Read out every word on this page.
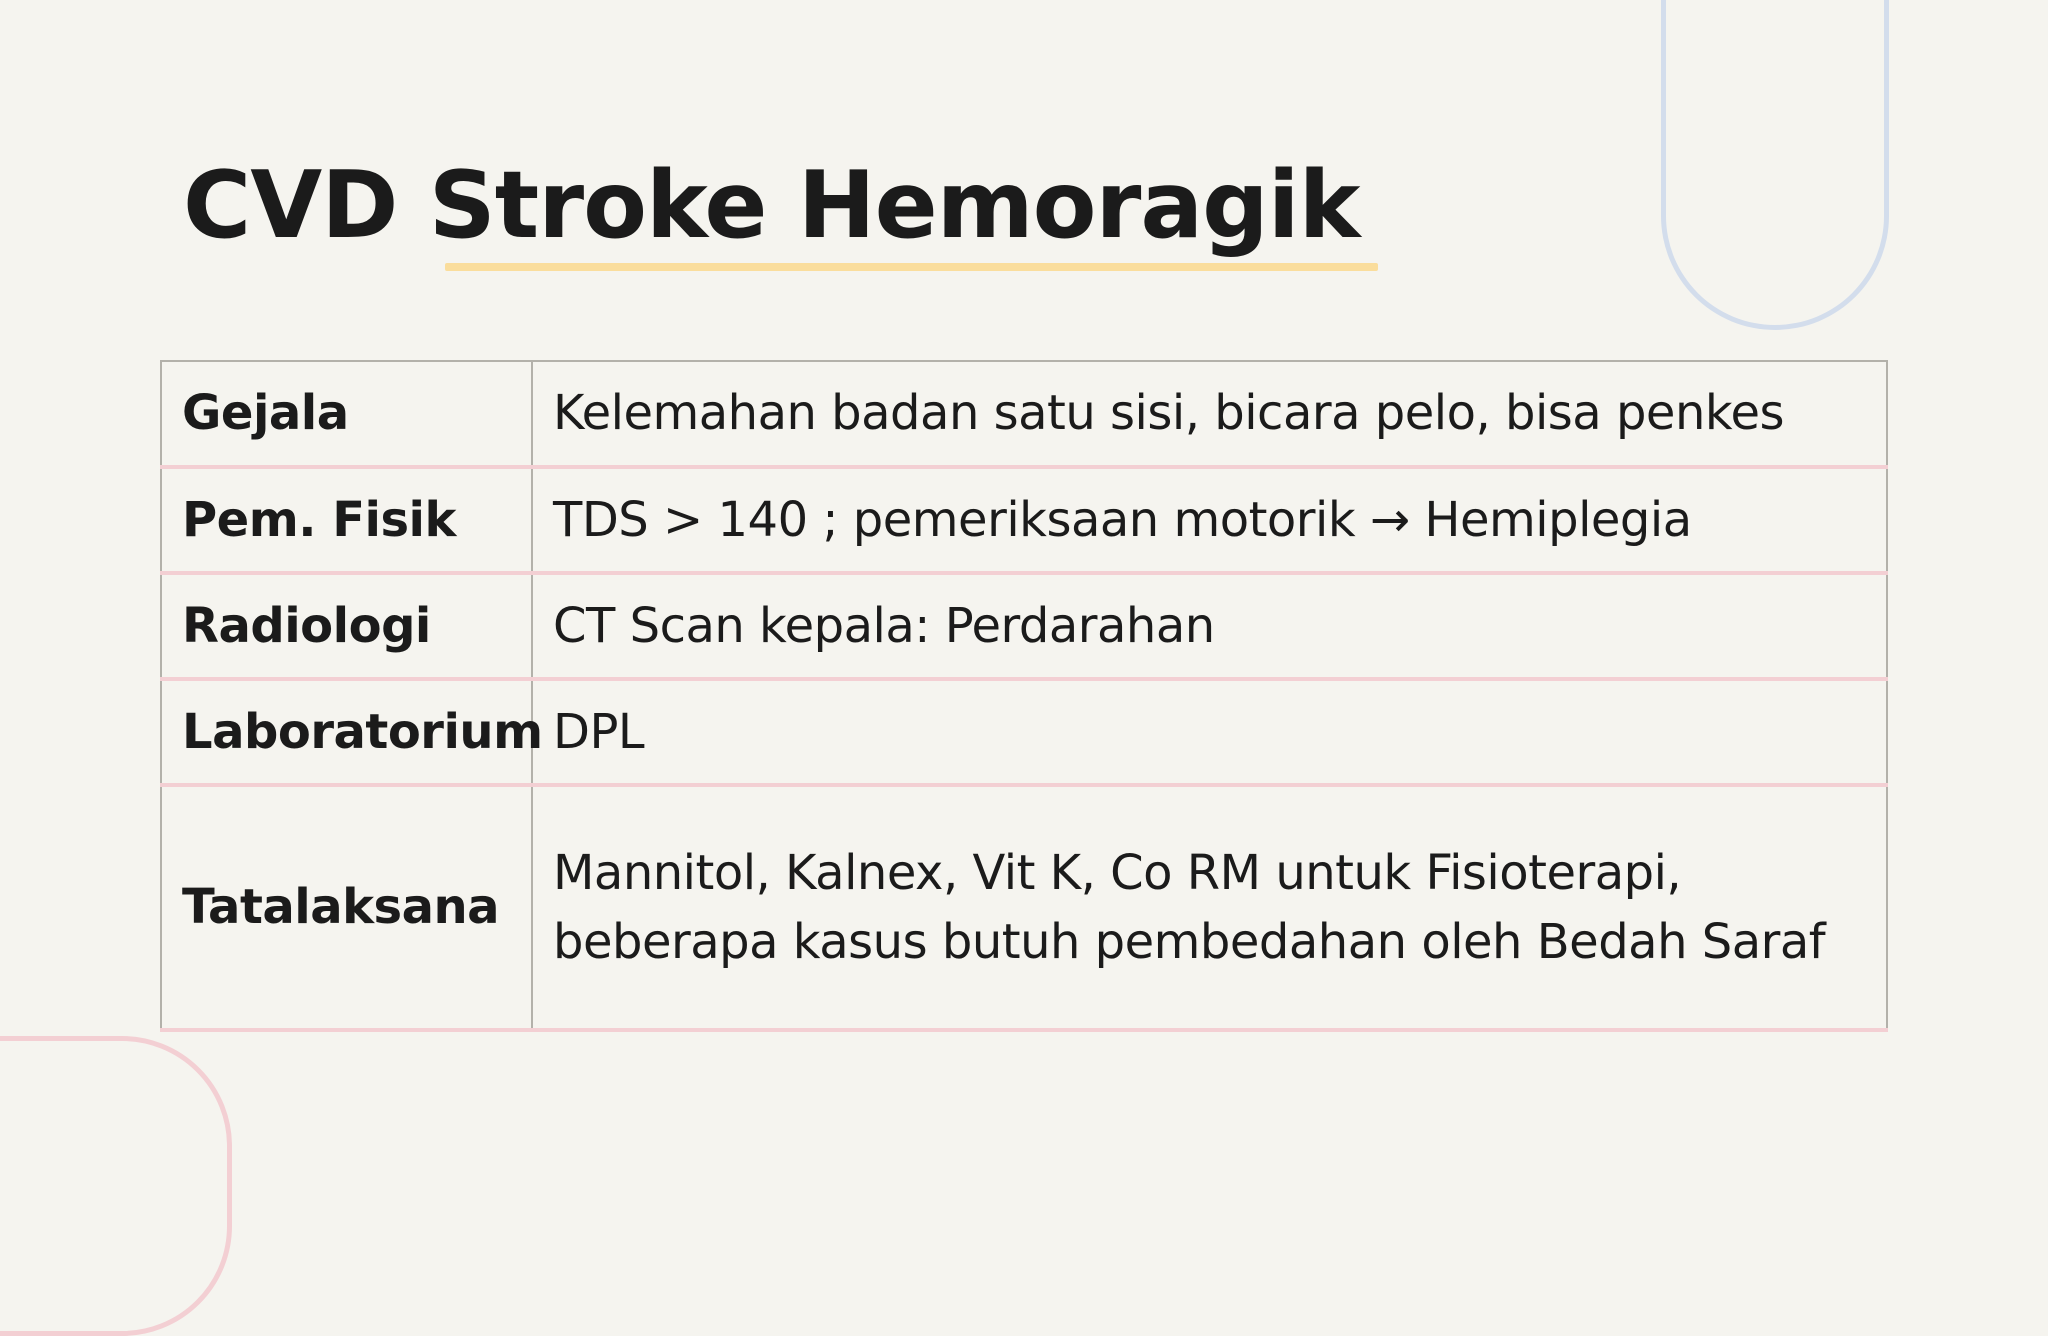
CVD Stroke Hemoragik
Gejala	Kelemahan badan satu sisi, bicara pelo, bisa penkes
Pem. Fisik	TDS > 140 ; pemeriksaan motorik → Hemiplegia
Radiologi	CT Scan kepala: Perdarahan
Laboratorium	DPL
Tatalaksana	Mannitol, Kalnex, Vit K, Co RM untuk Fisioterapi, beberapa kasus butuh pembedahan oleh Bedah Saraf
